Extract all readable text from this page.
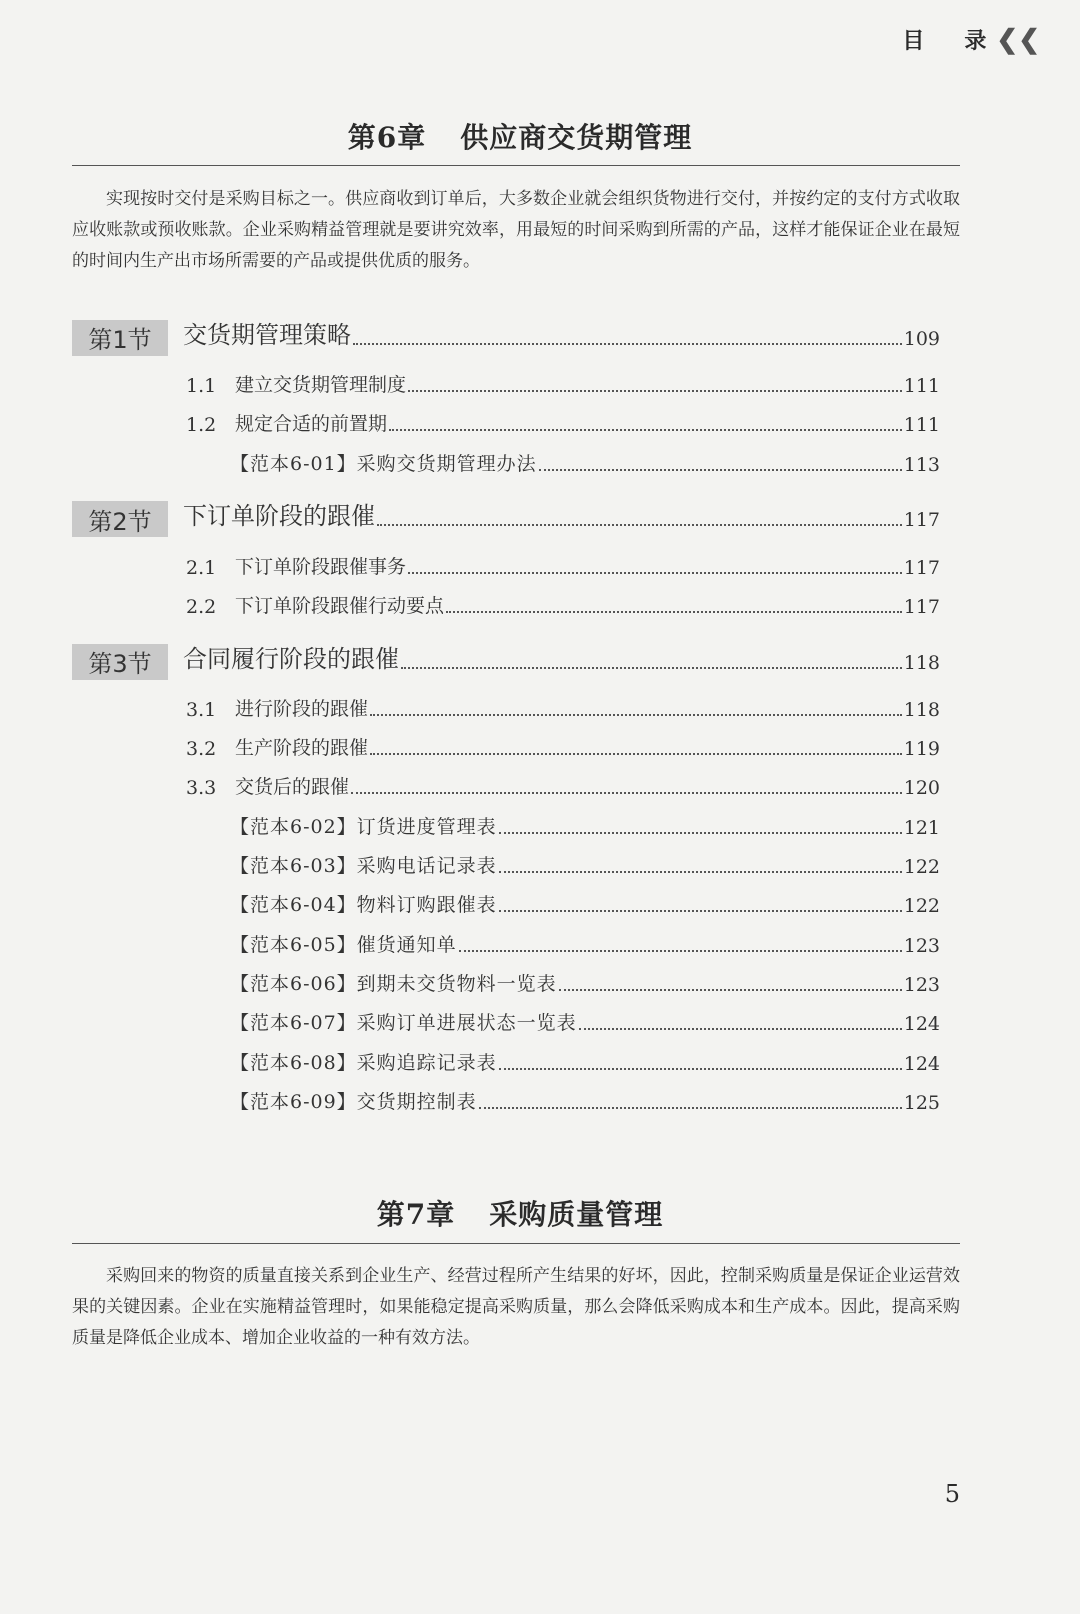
目 录 ❮❮
第6章 供应商交货期管理
实现按时交付是采购目标之一。供应商收到订单后，大多数企业就会组织货物进行交付，并按约定的支付方式收取应收账款或预收账款。企业采购精益管理就是要讲究效率，用最短的时间采购到所需的产品，这样才能保证企业在最短的时间内生产出市场所需要的产品或提供优质的服务。
第1节	交货期管理策略	109
1.1 建立交货期管理制度	111
1.2 规定合适的前置期	111
【范本6-01】采购交货期管理办法	113
第2节	下订单阶段的跟催	117
2.1 下订单阶段跟催事务	117
2.2 下订单阶段跟催行动要点	117
第3节	合同履行阶段的跟催	118
3.1 进行阶段的跟催	118
3.2 生产阶段的跟催	119
3.3 交货后的跟催	120
【范本6-02】订货进度管理表	121
【范本6-03】采购电话记录表	122
【范本6-04】物料订购跟催表	122
【范本6-05】催货通知单	123
【范本6-06】到期未交货物料一览表	123
【范本6-07】采购订单进展状态一览表	124
【范本6-08】采购追踪记录表	124
【范本6-09】交货期控制表	125
第7章 采购质量管理
采购回来的物资的质量直接关系到企业生产、经营过程所产生结果的好坏，因此，控制采购质量是保证企业运营效果的关键因素。企业在实施精益管理时，如果能稳定提高采购质量，那么会降低采购成本和生产成本。因此，提高采购质量是降低企业成本、增加企业收益的一种有效方法。
5
